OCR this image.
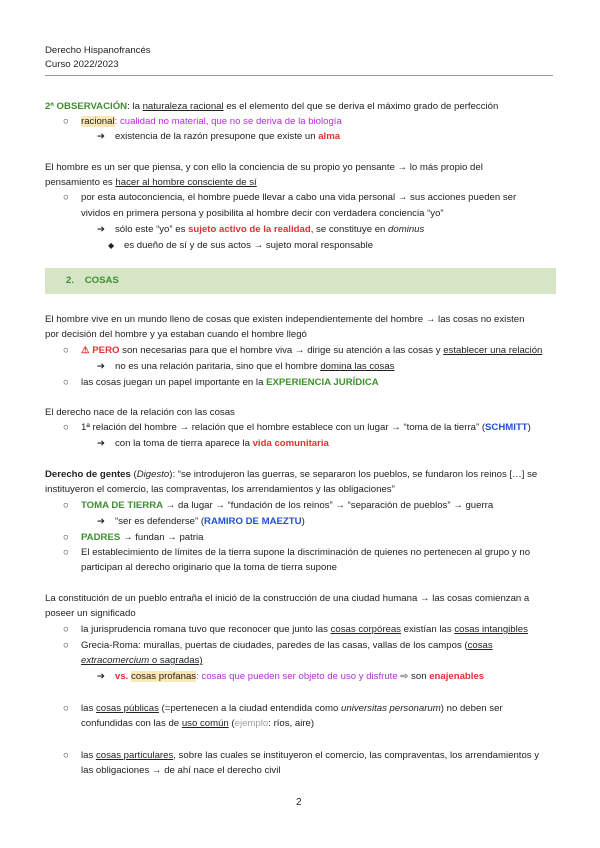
Derecho Hispanofrancés
Curso 2022/2023
2ª OBSERVACIÓN: la naturaleza racional es el elemento del que se deriva el máximo grado de perfección
○ racional: cualidad no material, que no se deriva de la biología
➔ existencia de la razón presupone que existe un alma
El hombre es un ser que piensa, y con ello la conciencia de su propio yo pensante → lo más propio del
pensamiento es hacer al hombre consciente de sí
○ por esta autoconciencia, el hombre puede llevar a cabo una vida personal → sus acciones pueden ser
vividos en primera persona y posibilita al hombre decir con verdadera conciencia “yo”
➔ sólo este “yo” es sujeto activo de la realidad, se constituye en dominus
◆ es dueño de sí y de sus actos → sujeto moral responsable
2. COSAS
El hombre vive en un mundo lleno de cosas que existen independientemente del hombre → las cosas no existen
por decisión del hombre y ya estaban cuando el hombre llegó
○ ⚠ PERO son necesarias para que el hombre viva → dirige su atención a las cosas y establecer una relación
➔ no es una relación paritaria, sino que el hombre domina las cosas
○ las cosas juegan un papel importante en la EXPERIENCIA JURÍDICA
El derecho nace de la relación con las cosas
○ 1ª relación del hombre → relación que el hombre establece con un lugar → “toma de la tierra” (SCHMITT)
➔ con la toma de tierra aparece la vida comunitaria
Derecho de gentes (Digesto): “se introdujeron las guerras, se separaron los pueblos, se fundaron los reinos […] se
instituyeron el comercio, las compraventas, los arrendamientos y las obligaciones”
○ TOMA DE TIERRA → da lugar → “fundación de los reinos” → “separación de pueblos” → guerra
➔ “ser es defenderse” (RAMIRO DE MAEZTU)
○ PADRES → fundan → patria
○ El establecimiento de límites de la tierra supone la discriminación de quienes no pertenecen al grupo y no
participan al derecho originario que la toma de tierra supone
La constitución de un pueblo entraña el inició de la construcción de una ciudad humana → las cosas comienzan a
poseer un significado
○ la jurisprudencia romana tuvo que reconocer que junto las cosas corpóreas existían las cosas intangibles
○ Grecia-Roma: murallas, puertas de ciudades, paredes de las casas, vallas de los campos (cosas
extracomercium o sagradas)
➔ vs. cosas profanas: cosas que pueden ser objeto de uso y disfrute ⇨ son enajenables
○ las cosas públicas (=pertenecen a la ciudad entendida como universitas personarum) no deben ser
confundidas con las de uso común (ejemplo: ríos, aire)
○ las cosas particulares, sobre las cuales se instituyeron el comercio, las compraventas, los arrendamientos y
las obligaciones → de ahí nace el derecho civil
2
